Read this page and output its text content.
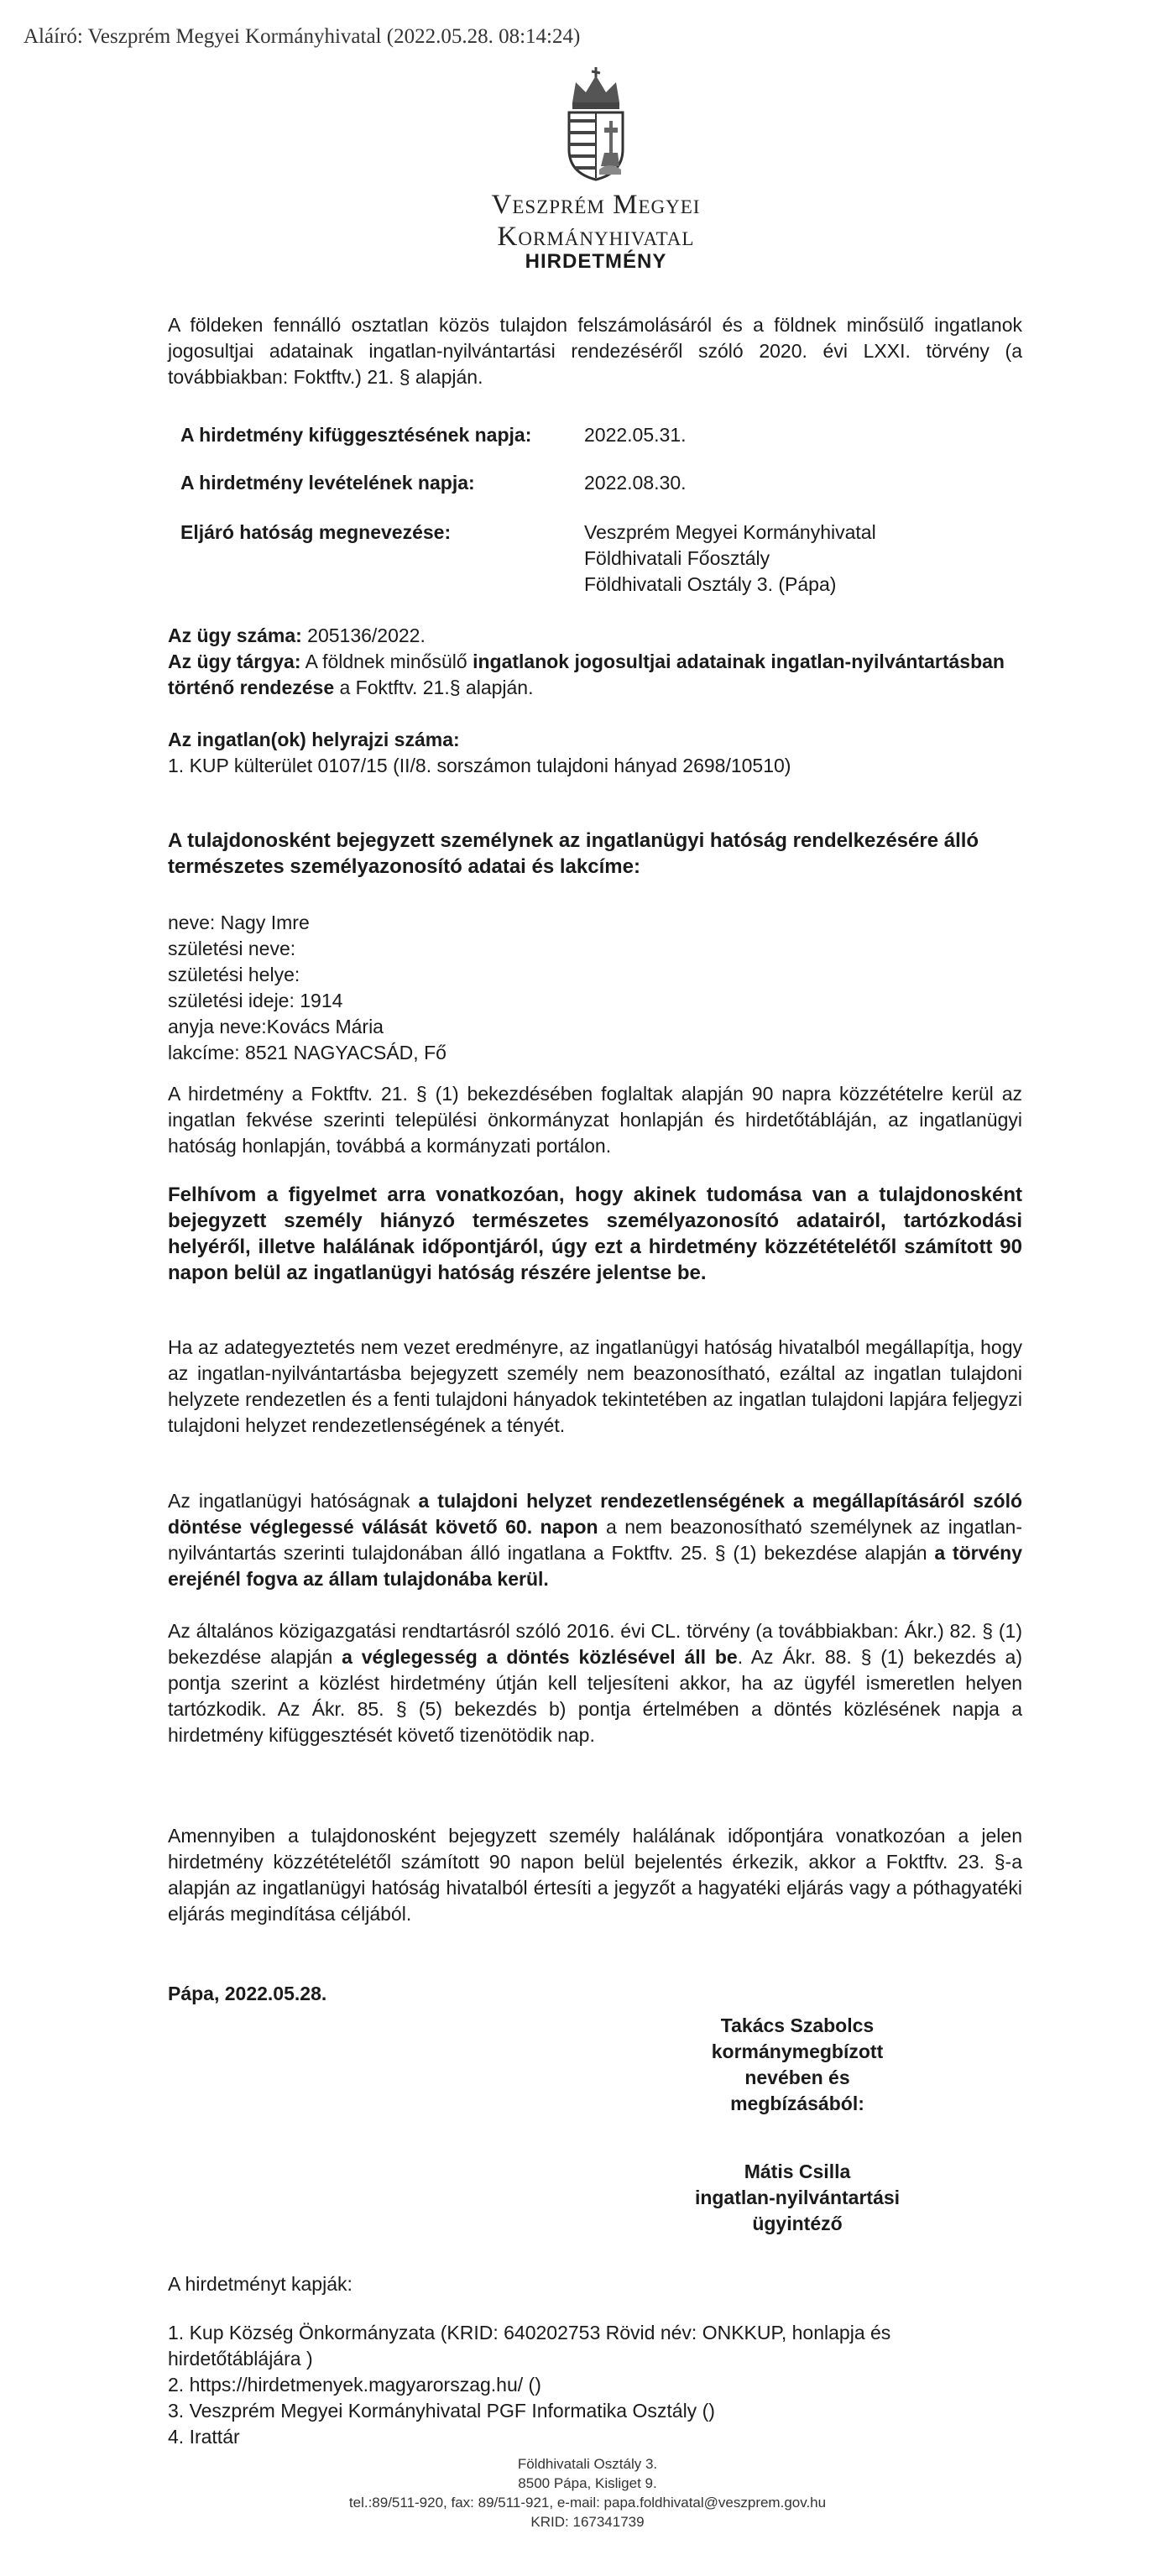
Aláíró: Veszprém Megyei Kormányhivatal (2022.05.28. 08:14:24)
Veszprém Megyei
Kormányhivatal
HIRDETMÉNY
A földeken fennálló osztatlan közös tulajdon felszámolásáról és a földnek minősülő ingatlanok jogosultjai adatainak ingatlan-nyilvántartási rendezéséről szóló 2020. évi LXXI. törvény (a továbbiakban: Foktftv.) 21. § alapján.
A hirdetmény kifüggesztésének napja:	2022.05.31.
A hirdetmény levételének napja:	2022.08.30.
Eljáró hatóság megnevezése:	Veszprém Megyei Kormányhivatal
Földhivatali Főosztály
Földhivatali Osztály 3. (Pápa)
Az ügy száma: 205136/2022.
Az ügy tárgya: A földnek minősülő ingatlanok jogosultjai adatainak ingatlan-nyilvántartásban történő rendezése a Foktftv. 21.§ alapján.
Az ingatlan(ok) helyrajzi száma:
1. KUP külterület 0107/15 (II/8. sorszámon tulajdoni hányad 2698/10510)
A tulajdonosként bejegyzett személynek az ingatlanügyi hatóság rendelkezésére álló természetes személyazonosító adatai és lakcíme:
neve: Nagy Imre
születési neve:
születési helye:
születési ideje: 1914
anyja neve:Kovács Mária
lakcíme: 8521 NAGYACSÁD, Fő
A hirdetmény a Foktftv. 21. § (1) bekezdésében foglaltak alapján 90 napra közzétételre kerül az ingatlan fekvése szerinti települési önkormányzat honlapján és hirdetőtábláján, az ingatlanügyi hatóság honlapján, továbbá a kormányzati portálon.
Felhívom a figyelmet arra vonatkozóan, hogy akinek tudomása van a tulajdonosként bejegyzett személy hiányzó természetes személyazonosító adatairól, tartózkodási helyéről, illetve halálának időpontjáról, úgy ezt a hirdetmény közzétételétől számított 90 napon belül az ingatlanügyi hatóság részére jelentse be.
Ha az adategyeztetés nem vezet eredményre, az ingatlanügyi hatóság hivatalból megállapítja, hogy az ingatlan-nyilvántartásba bejegyzett személy nem beazonosítható, ezáltal az ingatlan tulajdoni helyzete rendezetlen és a fenti tulajdoni hányadok tekintetében az ingatlan tulajdoni lapjára feljegyzi tulajdoni helyzet rendezetlenségének a tényét.
Az ingatlanügyi hatóságnak a tulajdoni helyzet rendezetlenségének a megállapításáról szóló döntése véglegessé válását követő 60. napon a nem beazonosítható személynek az ingatlan- nyilvántartás szerinti tulajdonában álló ingatlana a Foktftv. 25. § (1) bekezdése alapján a törvény erejénél fogva az állam tulajdonába kerül.
Az általános közigazgatási rendtartásról szóló 2016. évi CL. törvény (a továbbiakban: Ákr.) 82. § (1) bekezdése alapján a véglegesség a döntés közlésével áll be. Az Ákr. 88. § (1) bekezdés a) pontja szerint a közlést hirdetmény útján kell teljesíteni akkor, ha az ügyfél ismeretlen helyen tartózkodik. Az Ákr. 85. § (5) bekezdés b) pontja értelmében a döntés közlésének napja a hirdetmény kifüggesztését követő tizenötödik nap.
Amennyiben a tulajdonosként bejegyzett személy halálának időpontjára vonatkozóan a jelen hirdetmény közzétételétől számított 90 napon belül bejelentés érkezik, akkor a Foktftv. 23. §-a alapján az ingatlanügyi hatóság hivatalból értesíti a jegyzőt a hagyatéki eljárás vagy a póthagyatéki eljárás megindítása céljából.
Pápa, 2022.05.28.
Takács Szabolcs
kormánymegbízott
nevében és
megbízásából:
Mátis Csilla
ingatlan-nyilvántartási
ügyintéző
A hirdetményt kapják:
1. Kup Község Önkormányzata (KRID: 640202753 Rövid név: ONKKUP, honlapja és hirdetőtáblájára )
2. https://hirdetmenyek.magyarorszag.hu/ ()
3. Veszprém Megyei Kormányhivatal PGF Informatika Osztály ()
4. Irattár
Földhivatali Osztály 3.
8500 Pápa, Kisliget 9.
tel.:89/511-920, fax: 89/511-921, e-mail: papa.foldhivatal@veszprem.gov.hu
KRID: 167341739
